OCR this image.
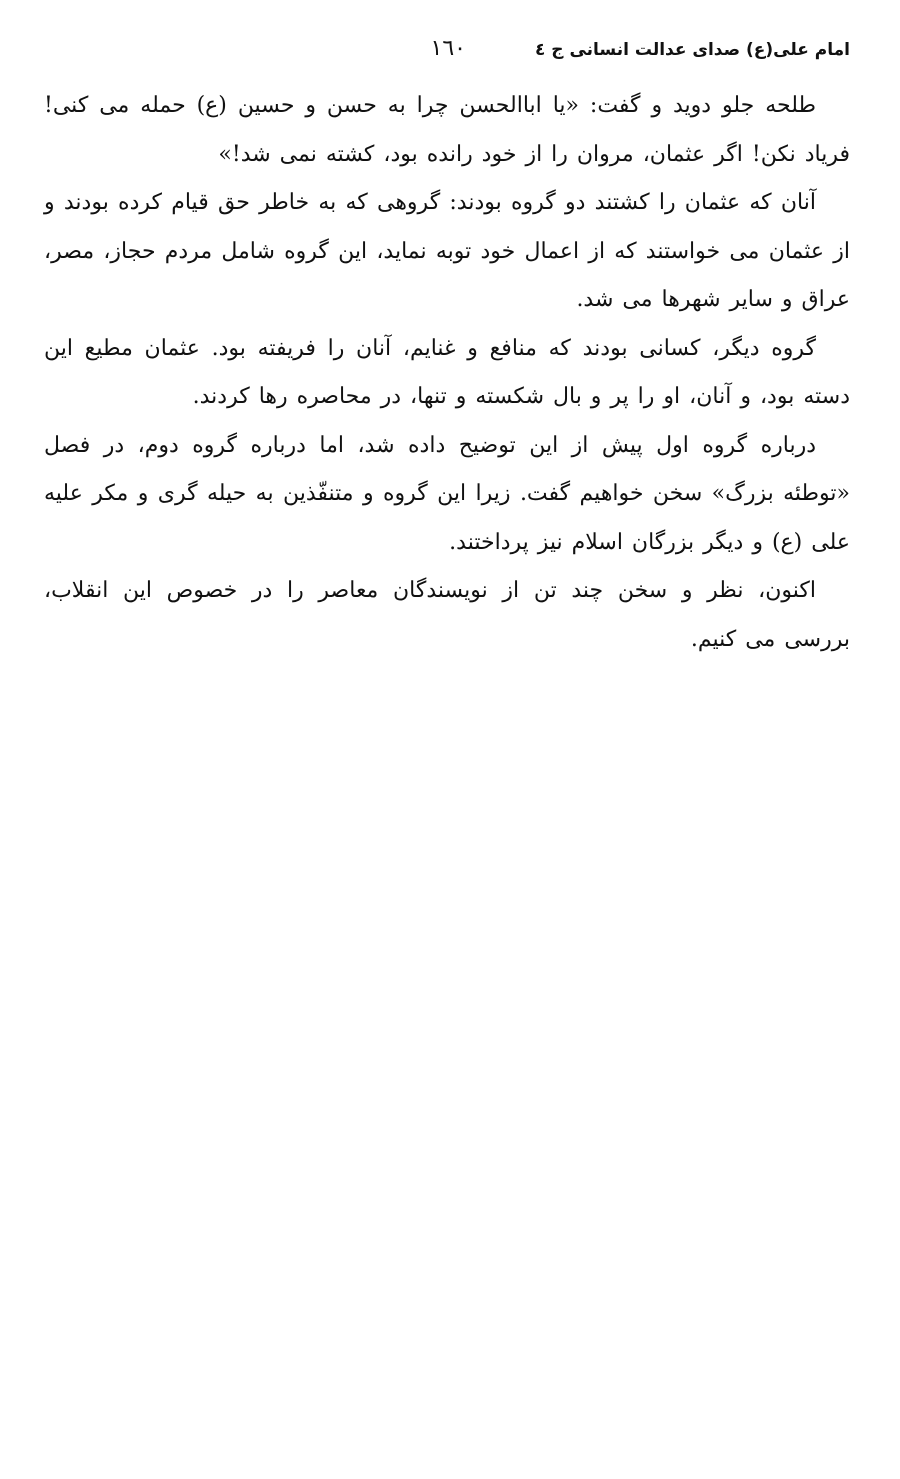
امام علی(ع) صدای عدالت انسانی ج ٤
١٦٠

طلحه جلو دوید و گفت: «یا اباالحسن چرا به حسن و حسین (ع) حمله می کنی! فریاد نکن! اگر عثمان، مروان را از خود رانده بود، کشته نمی شد!»

آنان که عثمان را کشتند دو گروه بودند: گروهی که به خاطر حق قیام کرده بودند و از عثمان می خواستند که از اعمال خود توبه نماید، این گروه شامل مردم حجاز، مصر، عراق و سایر شهرها می شد.

گروه دیگر، کسانی بودند که منافع و غنایم، آنان را فریفته بود. عثمان مطیع این دسته بود، و آنان، او را پر و بال شکسته و تنها، در محاصره رها کردند.

درباره گروه اول پیش از این توضیح داده شد، اما درباره گروه دوم، در فصل «توطئه بزرگ» سخن خواهیم گفت. زیرا این گروه و متنفّذین به حیله گری و مکر علیه علی (ع) و دیگر بزرگان اسلام نیز پرداختند.

اکنون، نظر و سخن چند تن از نویسندگان معاصر را در خصوص این انقلاب، بررسی می کنیم.
